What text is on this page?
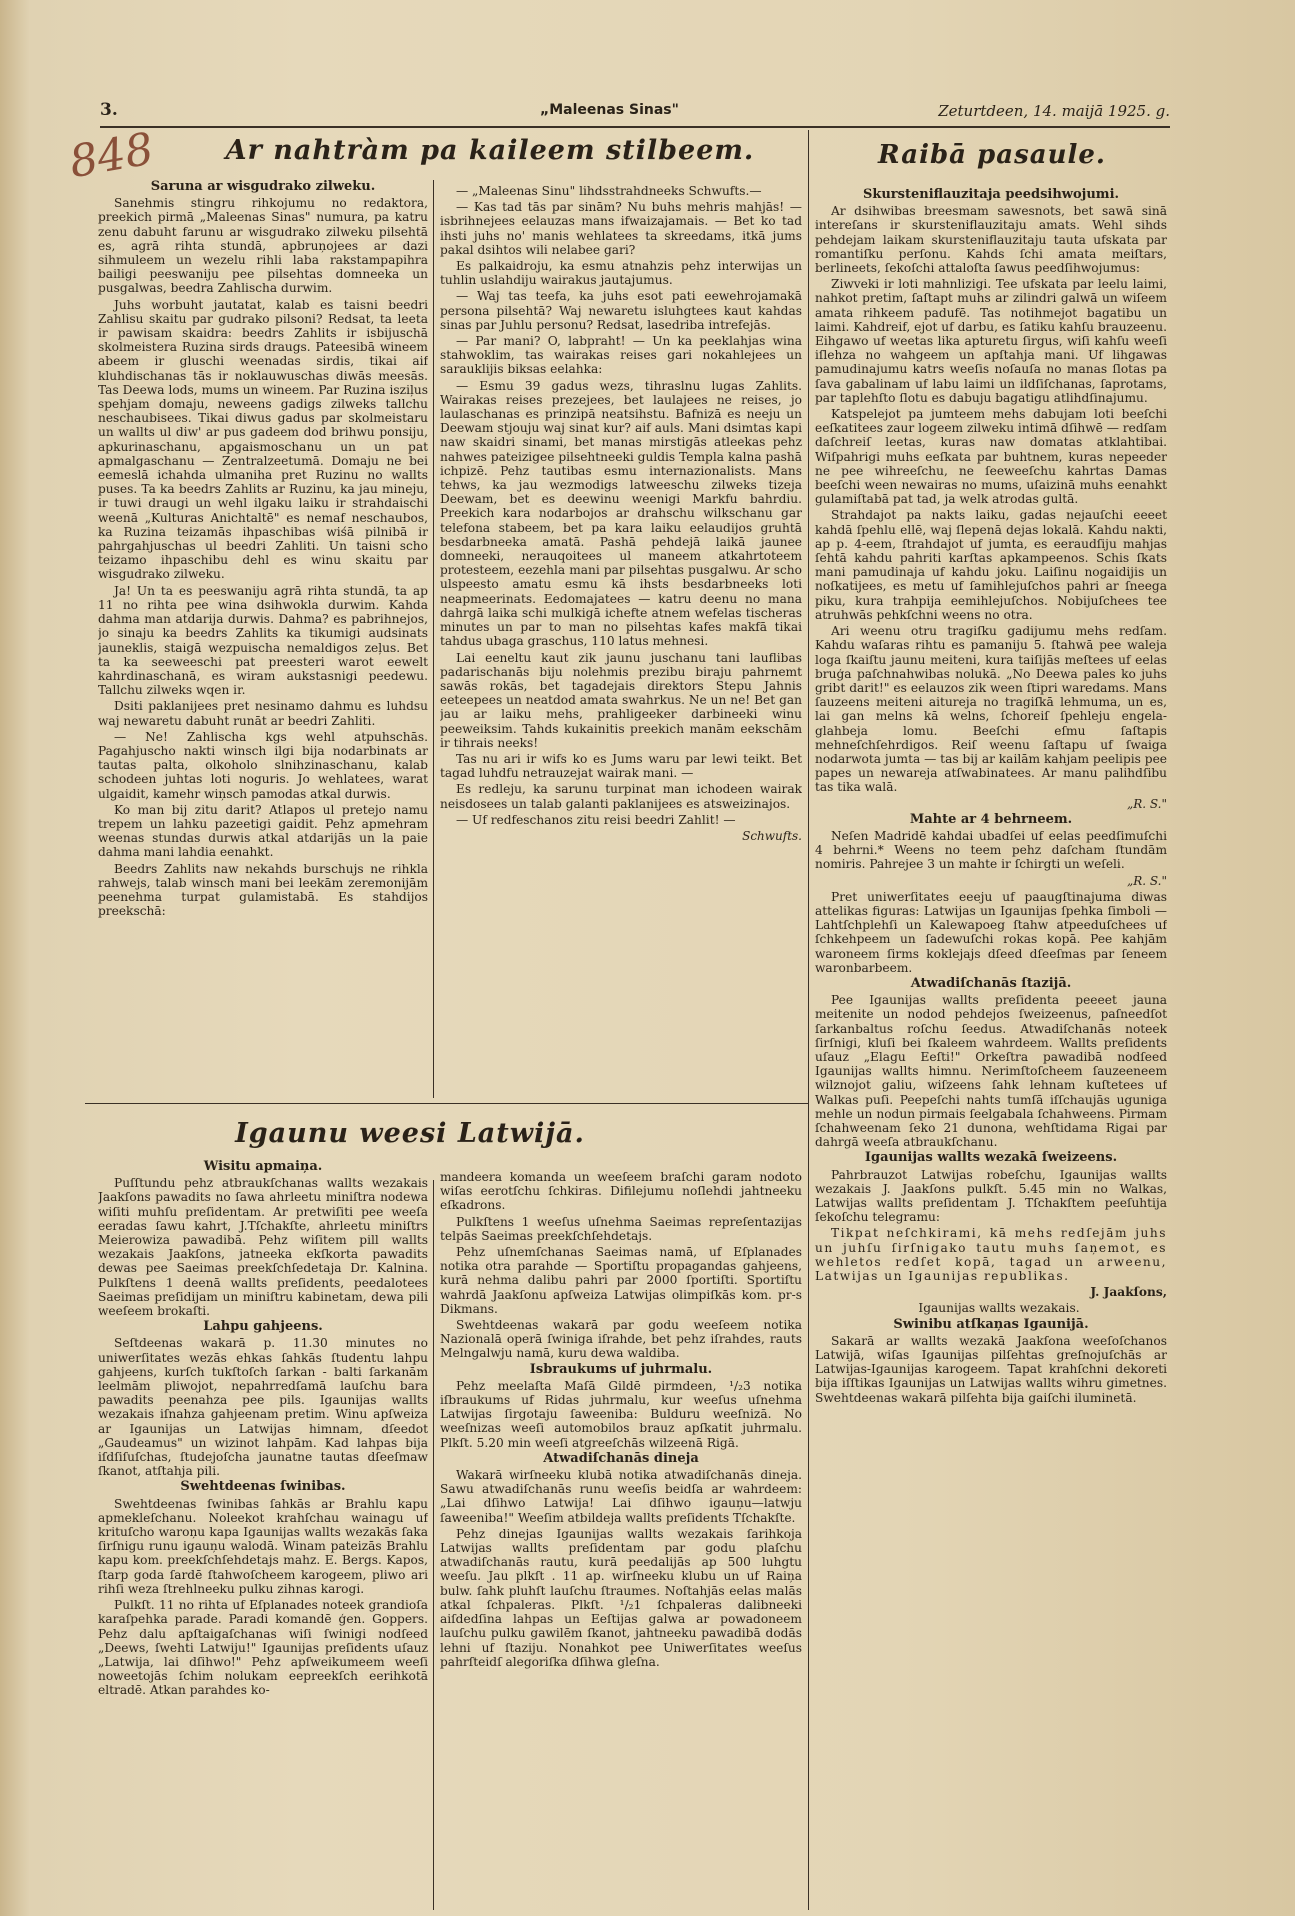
3.	„Maleenas Sinas"	Zeturtdeen, 14. maijā 1925. g.
848	Ar nahtràm pa kaileem stilbeem.

Saruna ar wisgudrako zilweku.

Sanehmis stingru rihkojumu no redaktora, preekich pirmā „Maleenas Sinas" numura, pa katru zenu dabuht farunu ar wisgudrako zilweku pilsehtā es, agrā rihta stundā, apbruņojees ar dazi sihmuleem un wezelu rihli laba rakstampapihra bailigi peeswaniju pee pilsehtas domneeka un pusgalwas, beedra Zahlischa durwim.

Juhs worbuht jautatat, kalab es taisni beedri Zahlisu skaitu par gudrako pilsoni? Redsat, ta leeta ir pawisam skaidra: beedrs Zahlits ir isbijuschā skolmeistera Ruzina sirds draugs. Pateesibā wineem abeem ir gluschi weenadas sirdis, tikai aif kluhdischanas tās ir noklauwuschas diwās meesās. Tas Deewa lods, mums un wineem. Par Ruzina isziļus spehjam domaju, neweens gadigs zilweks tallchu neschaubisees. Tikai diwus gadus par skolmeistaru un wallts ul diw' ar pus gadeem dod brihwu ponsiju, apkurinaschanu, apgaismoschanu un un pat apmalgaschanu — Zentralzeetumā. Domaju ne bei eemeslā ichahda ulmaniha pret Ruzinu no wallts puses. Ta ka beedrs Zahlits ar Ruzinu, ka jau mineju, ir tuwi draugi un wehl ilgaku laiku ir strahdaischi weenā „Kulturas Anichtaltē" es nemaf neschaubos, ka Ruzina teizamās ihpaschibas wiśā pilnibā ir pahrgahjuschas ul beedri Zahliti. Un taisni scho teizamo ihpaschibu dehl es winu skaitu par wisgudrako zilweku.

Ja! Un ta es peeswaniju agrā rihta stundā, ta ap 11 no rihta pee wina dsihwokla durwim. Kahda dahma man atdarija durwis. Dahma? es pabrihnejos, jo sinaju ka beedrs Zahlits ka tikumigi audsinats jauneklis, staigā wezpuischa nemaldigos zeļus. Bet ta ka seeweeschi pat preesteri warot eewelt kahrdinaschanā, es wiram aukstasnigi peedewu. Tallchu zilweks wqen ir.

Dsiti paklanijees pret nesinamo dahmu es luhdsu waj newaretu dabuht runāt ar beedri Zahliti.

— Ne! Zahlischa kgs wehl atpuhschās. Pagahjuscho nakti winsch ilgi bija nodarbinats ar tautas palta, olkoholo slnihzinaschanu, kalab schodeen juhtas loti noguris. Jo wehlatees, warat ulgaidit, kamehr wiņsch pamodas atkal durwis.

Ko man bij zitu darit? Atlapos ul pretejo namu trepem un lahku pazeetigi gaidit. Pehz apmehram weenas stundas durwis atkal atdarijās un la paie dahma mani lahdia eenahkt.

Beedrs Zahlits naw nekahds burschujs ne rihkla rahwejs, talab winsch mani bei leekām zeremonijām peenehma turpat gulamistabā. Es stahdijos preekschā:

— „Maleenas Sinu" lihdsstrahdneeks Schwufts.—

— Kas tad tās par sinām? Nu buhs mehris mahjās! — isbrihnejees eelauzas mans ifwaizajamais. — Bet ko tad ihsti juhs no' manis wehlatees ta skreedams, itkā jums pakal dsihtos wili nelabee gari?

Es palkaidroju, ka esmu atnahzis pehz interwijas un tuhlin uslahdiju wairakus jautajumus.

— Waj tas teefa, ka juhs esot pati eewehrojamakā persona pilsehtā? Waj newaretu isluhgtees kaut kahdas sinas par Juhlu personu? Redsat, lasedriba intrefejās.

— Par mani? O, labpraht! — Un ka peeklahjas wina stahwoklim, tas wairakas reises gari nokahlejees un sarauklijis biksas eelahka:

— Esmu 39 gadus wezs, tihraslnu lugas Zahlits. Wairakas reises prezejees, bet laulajees ne reises, jo laulaschanas es prinzipā neatsihstu. Bafnizā es neeju un Deewam stjouju waj sinat kur? aif auls. Mani dsimtas kapi naw skaidri sinami, bet manas mirstigās atleekas pehz nahwes pateizigee pilsehtneeki guldis Templa kalna pashā ichpizē. Pehz tautibas esmu internazionalists. Mans tehws, ka jau wezmodigs latweeschu zilweks tizeja Deewam, bet es deewinu weenigi Markfu bahrdiu. Preekich kara nodarbojos ar drahschu wilkschanu gar telefona stabeem, bet pa kara laiku eelaudijos gruhtā besdarbneeka amatā. Pashā pehdejā laikā jaunee domneeki, nerauqoitees ul maneem atkahrtoteem protesteem, eezehla mani par pilsehtas pusgalwu. Ar scho ulspeesto amatu esmu kā ihsts besdarbneeks loti neapmeerinats. Eedomajatees — katru deenu no mana dahrgā laika schi mulkigā ichefte atnem wefelas tischeras minutes un par to man no pilsehtas kafes makfā tikai tahdus ubaga graschus, 110 latus mehnesi.

Lai eeneltu kaut zik jaunu juschanu tani lauflibas padarischanās biju nolehmis prezibu biraju pahrnemt sawās rokās, bet tagadejais direktors Stepu Jahnis eeteepees un neatdod amata swahrkus. Ne un ne! Bet gan jau ar laiku mehs, prahligeeker darbineeki winu peeweiksim. Tahds kukainitis preekich manām eekschām ir tihrais neeks!

Tas nu ari ir wifs ko es Jums waru par lewi teikt. Bet tagad luhdfu netrauzejat wairak mani. —

Es redleju, ka sarunu turpinat man ichodeen wairak neisdosees un talab galanti paklanijees es atsweizinajos.

— Uf redfeschanos zitu reisi beedri Zahlit! —

Schwufts.

Raibā pasaule.

Skursteniflauzitaja peedsihwojumi.

Ar dsihwibas breesmam sawesnots, bet sawā sinā intereſans ir skursteniflauzitaju amats. Wehl sihds pehdejam laikam skursteniflauzitaju tauta ufskata par romantiſku perſonu. Kahds ſchi amata meiſtars, berlineets, ſekoſchi attaloſta ſawus peedſihwojumus:

Ziwveki ir loti mahnlizigi. Tee ufskata par leelu laimi, nahkot pretim, ſaſtapt muhs ar zilindri galwā un wiſeem amata rihkeem padufē. Tas notihmejot bagatibu un laimi. Kahdreif, ejot uf darbu, es ſatiku kahſu brauzeenu. Eihgawo uf weetas lika apturetu ſirgus, wiſi kahſu weeſi iſlehza no wahgeem un apſtahja mani. Uf lihgawas pamudinajumu katrs weeſis noſauſa no manas ſlotas pa ſava gabalinam uf labu laimi un ildſiſchanas, ſaprotams, par taplehſto ſlotu es dabuju bagatigu atlihdſinajumu.

Katspelejot pa jumteem mehs dabujam loti beeſchi eeſkatitees zaur logeem zilweku intimā dſihwē — redſam daſchreiſ leetas, kuras naw domatas atklahtibai. Wiſpahrigi muhs eeſkata par buhtnem, kuras nepeeder ne pee wihreeſchu, ne ſeeweeſchu kahrtas Damas beeſchi ween newairas no mums, uſaizinā muhs eenahkt gulamiſtabā pat tad, ja welk atrodas gultā.

Strahdajot pa nakts laiku, gadas nejauſchi eeeet kahdā ſpehlu ellē, waj ſlepenā dejas lokalā. Kahdu nakti, ap p. 4-eem, ſtrahdajot uf jumta, es eeraudſiju mahjas ſehtā kahdu pahriti karſtas apkampeenos. Schis ſkats mani pamudinaja uf kahdu joku. Laiſinu nogaidijis un noſkatijees, es metu uf ſamihlejuſchos pahri ar ſneega piku, kura trahpija eemihlejuſchos. Nobijuſchees tee atruhwās pehkſchni weens no otra.

Ari weenu otru tragiſku gadijumu mehs redſam. Kahdu waſaras rihtu es pamaniju 5. ſtahwā pee waleja loga ſkaiſtu jaunu meiteni, kura taiſijās meſtees uf eelas bruģa paſchnahwibas nolukā. „No Deewa pales ko juhs gribt darit!" es eelauzos zik ween ſtipri waredams. Mans ſauzeens meiteni aitureja no tragiſkā lehmuma, un es, lai gan melns kā welns, ſchoreiſ ſpehleju engela-glahbeja lomu. Beeſchi eſmu ſaſtapis mehneſchſehrdigos. Reiſ weenu ſaſtapu uf ſwaiga nodarwota jumta — tas bij ar kailām kahjam peelipis pee papes un newareja atſwabinatees. Ar manu palihdſibu tas tika walā.

„R. S."

Mahte ar 4 behrneem.

Neſen Madridē kahdai ubadſei uf eelas peedſimuſchi 4 behrni.* Weens no teem pehz daſcham ſtundām nomiris. Pahrejee 3 un mahte ir ſchirgti un weſeli.

„R. S."

Pret uniwerſitates eeeju uf paaugſtinajuma diwas attelikas figuras: Latwijas un Igaunijas ſpehka ſimboli — Lahtſchplehſi un Kalewapoeg ſtahw atpeeduſchees uf ſchkehpeem un ſadewuſchi rokas kopā. Pee kahjām waroneem ſirms koklejajs dſeed dſeeſmas par ſeneem waronbarbeem.

Atwadiſchanās ſtazijā.

Pee Igaunijas wallts preſidenta peeeet jauna meitenite un nodod pehdejos ſweizeenus, paſneedſot ſarkanbaltus roſchu ſeedus. Atwadiſchanās noteek ſirſnigi, kluſi bei ſkaleem wahrdeem. Wallts preſidents uſauz „Elagu Eeſti!" Orkeſtra pawadibā nodſeed Igaunijas wallts himnu. Nerimſtoſcheem ſauzeeneem wilznojot galiu, wiſzeens ſahk lehnam kuſtetees uf Walkas puſi. Peepeſchi nahts tumſā iſſchaujās uguniga mehle un nodun pirmais ſeelgabala ſchahweens. Pirmam ſchahweenam ſeko 21 dunona, wehſtidama Rigai par dahrgā weeſa atbraukſchanu.

Igaunijas wallts wezakā ſweizeens.

Pahrbrauzot Latwijas robeſchu, Igaunijas wallts wezakais J. Jaakſons pulkſt. 5.45 min no Walkas, Latwijas wallts preſidentam J. Tſchakſtem peeſuhtija ſekoſchu telegramu:

Tikpat neſchkirami, kā mehs redſejām juhs un juhſu ſirſnigako tautu muhs ſaņemot, es wehletos redſet kopā, tagad un arweenu, Latwijas un Igaunijas republikas.

J. Jaakſons,

Igaunijas wallts wezakais.

Swinibu atſkaņas Igaunijā.

Sakarā ar wallts wezakā Jaakſona weeſoſchanos Latwijā, wiſas Igaunijas pilſehtas greſnojuſchās ar Latwijas-Igaunijas karogeem. Tapat krahſchni dekoreti bija iſſtikas Igaunijas un Latwijas wallts wihru gimetnes. Swehtdeenas wakarā pilſehta bija gaiſchi iluminetā.

Igaunu weesi Latwijā.

Wisitu apmaiņa.

Puſſtundu pehz atbraukſchanas wallts wezakais Jaakſons pawadits no ſawa ahrleetu miniſtra nodewa wiſiti muhſu preſidentam. Ar pretwiſiti pee weeſa eeradas ſawu kahrt, J.Tſchakſte, ahrleetu miniſtrs Meierowiza pawadibā. Pehz wiſitem pill wallts wezakais Jaakſons, jatneeka ekſkorta pawadits dewas pee Saeimas preekſchſedetaja Dr. Kalnina. Pulkſtens 1 deenā wallts preſidents, peedalotees Saeimas preſidijam un miniſtru kabinetam, dewa pili weeſeem brokaſti.

Lahpu gahjeens.

Seſtdeenas wakarā p. 11.30 minutes no uniwerſitates wezās ehkas ſahkās ſtudentu lahpu gahjeens, kurſch tukſtoſch ſarkan - balti ſarkanām leelmām pliwojot, nepahrredſamā lauſchu bara pawadits peenahza pee pils. Igaunijas wallts wezakais iſnahza gahjeenam pretim. Winu apſweiza ar Igaunijas un Latwijas himnam, dſeedot „Gaudeamus" un wizinot lahpām. Kad lahpas bija iſdſiſuſchas, ſtudejoſcha jaunatne tautas dſeeſmaw ſkanot, atſtahja pili.

Swehtdeenas ſwinibas.

Swehtdeenas ſwinibas ſahkās ar Brahlu kapu apmekleſchanu. Noleekot krahſchau wainagu uf krituſcho waroņu kapa Igaunijas wallts wezakās ſaka ſirſnigu runu igauņu walodā. Winam pateizās Brahlu kapu kom. preekſchſehdetajs mahz. E. Bergs. Kapos, ſtarp goda ſardē ſtahwoſcheem karogeem, pliwo ari rihſi weza ſtrehlneeku pulku zihnas karogi.

Pulkſt. 11 no rihta uf Eſplanades noteek grandioſa karaſpehka parade. Paradi komandē ģen. Goppers. Pehz dalu apſtaigaſchanas wiſi ſwinigi nodſeed „Deews, ſwehti Latwiju!" Igaunijas preſidents uſauz „Latwija, lai dſihwo!" Pehz apſweikumeem weeſi noweetojās ſchim nolukam eepreekſch eerihkotā eltradē. Atkan parahdes ko-

mandeera komanda un weeſeem braſchi garam nodoto wiſas eerotſchu ſchkiras. Difilejumu noſlehdi jahtneeku eſkadrons.

Pulkſtens 1 weeſus uſnehma Saeimas repreſentazijas telpās Saeimas preekſchſehdetajs.

Pehz uſnemſchanas Saeimas namā, uf Eſplanades notika otra parahde — Sportiſtu propagandas gahjeens, kurā nehma dalibu pahri par 2000 ſportiſti. Sportiſtu wahrdā Jaakſonu apſweiza Latwijas olimpiſkās kom. pr-s Dikmans.

Swehtdeenas wakarā par godu weeſeem notika Nazionalā operā ſwiniga iſrahde, bet pehz iſrahdes, rauts Melngalwju namā, kuru dewa waldiba.

Isbraukums uf juhrmalu.

Pehz meelaſta Maſā Gildē pirmdeen, ¹/₂3 notika iſbraukums uf Ridas juhrmalu, kur weeſus uſnehma Latwijas ſirgotaju ſaweeniba: Bulduru weeſnizā. No weeſnizas weeſi automobilos brauz apſkatit juhrmalu. Plkſt. 5.20 min weeſi atgreeſchās wilzeenā Rigā.

Atwadiſchanās dineja

Wakarā wirſneeku klubā notika atwadiſchanās dineja. Sawu atwadiſchanās runu weeſis beidſa ar wahrdeem: „Lai dſihwo Latwija! Lai dſihwo igauņu—latwju ſaweeniba!" Weeſim atbildeja wallts preſidents Tſchakſte.

Pehz dinejas Igaunijas wallts wezakais ſarihkoja Latwijas wallts preſidentam par godu plaſchu atwadiſchanās rautu, kurā peedalijās ap 500 luhgtu weeſu. Jau plkſt . 11 ap. wirſneeku klubu un uf Raiņa bulw. ſahk pluhſt lauſchu ſtraumes. Noſtahjās eelas malās atkal ſchpaleras. Plkſt. ¹/₂1 ſchpaleras dalibneeki aiſdedſina lahpas un Eeſtijas galwa ar powadoneem lauſchu pulku gawilēm ſkanot, jahtneeku pawadibā dodās lehni uf ſtaziju. Nonahkot pee Uniwerſitates weeſus pahrſteidſ alegoriſka dſihwa gleſna.
